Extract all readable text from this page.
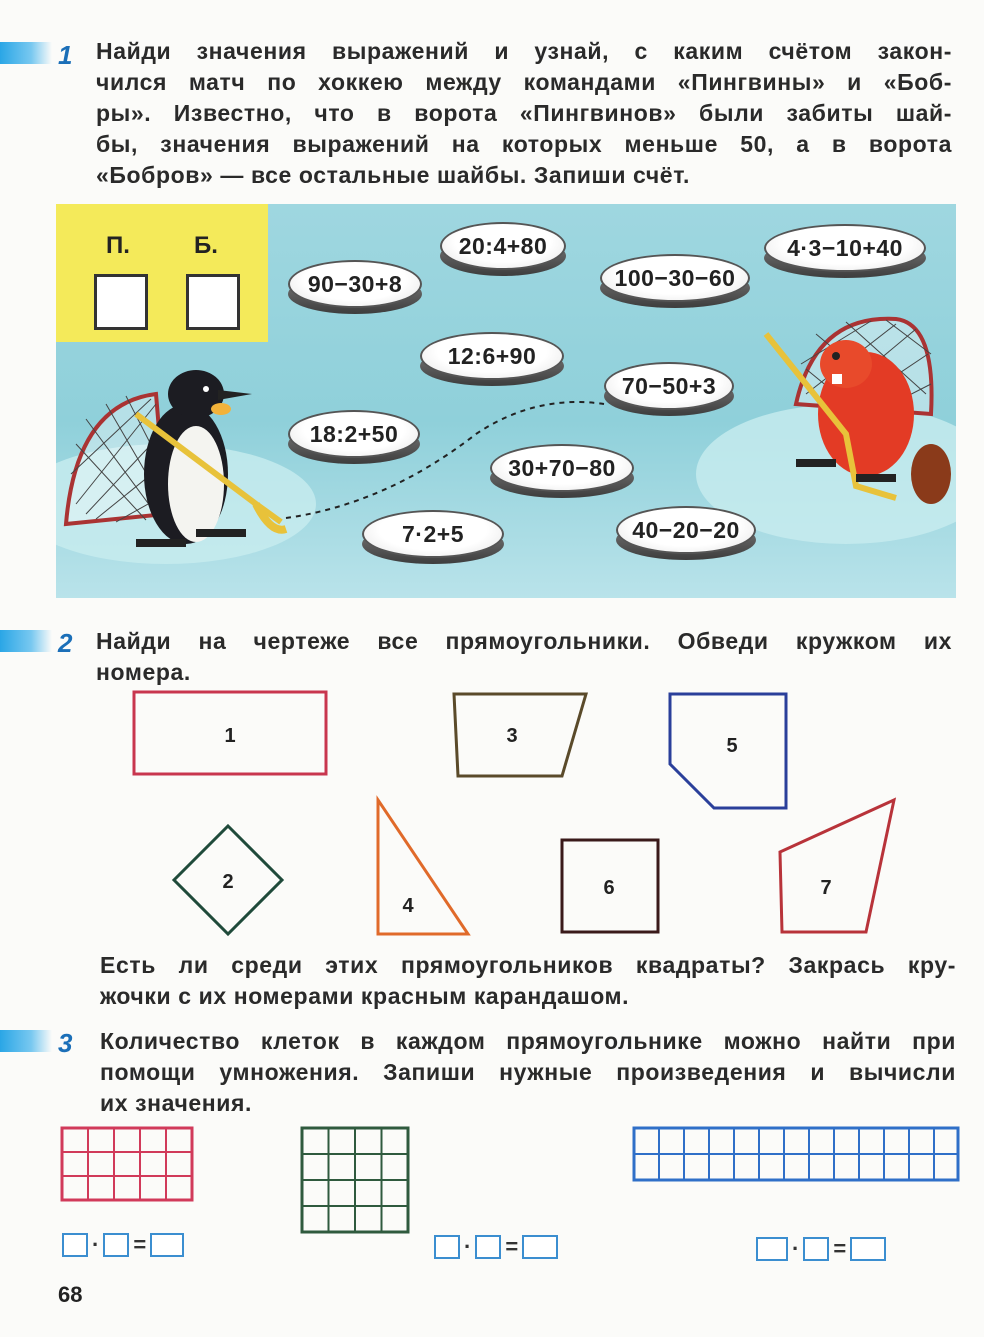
1 Найди значения выражений и узнай, с каким счётом закон-
чился матч по хоккею между командами «Пингвины» и «Боб-
ры». Известно, что в ворота «Пингвинов» были забиты шай-
бы, значения выражений на которых меньше 50, а в ворота
«Бобров» — все остальные шайбы. Запиши счёт.
П.	Б.	20:4+80	4·3−10+40
90−30+8	100−30−60
12:6+90
70−50+3
18:2+50
30+70−80
7·2+5	40−20−20
2 Найди на чертеже все прямоугольники. Обведи кружком их
номера.
1	3	5
2
4
6	7
Есть ли среди этих прямоугольников квадраты? Закрась кру-
жочки с их номерами красным карандашом.
3 Количество клеток в каждом прямоугольнике можно найти при
помощи умножения. Запиши нужные произведения и вычисли
их значения.
· =	· =	· =
68
